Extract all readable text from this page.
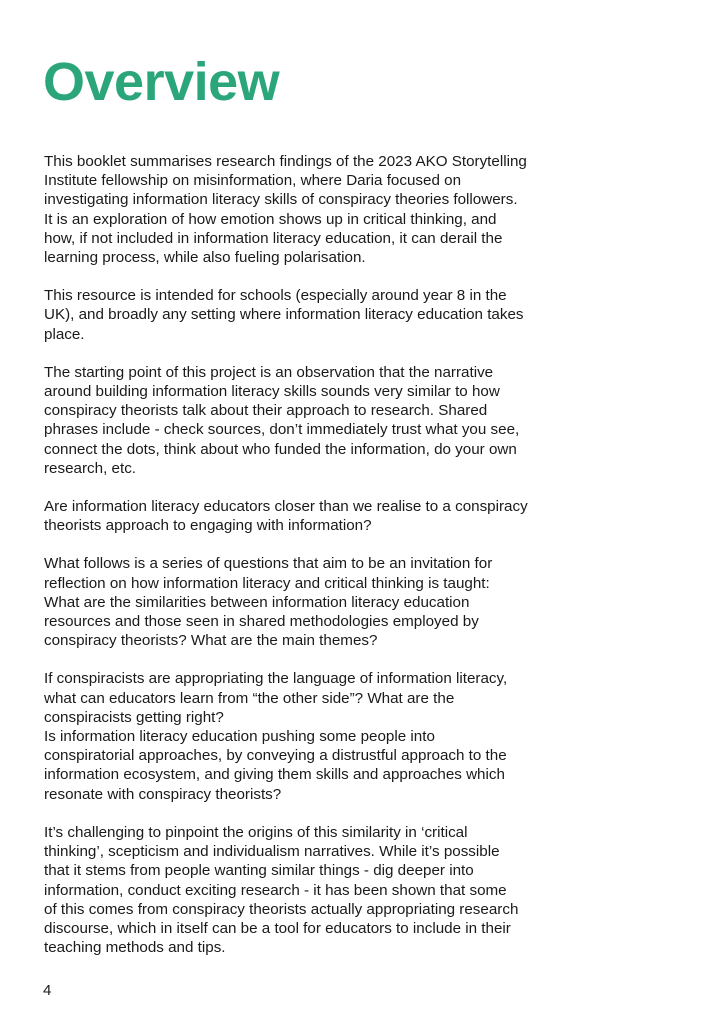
Overview

This booklet summarises research findings of the 2023 AKO Storytelling
Institute fellowship on misinformation, where Daria focused on
investigating information literacy skills of conspiracy theories followers.
It is an exploration of how emotion shows up in critical thinking, and
how, if not included in information literacy education, it can derail the
learning process, while also fueling polarisation.

This resource is intended for schools (especially around year 8 in the
UK), and broadly any setting where information literacy education takes
place.

The starting point of this project is an observation that the narrative
around building information literacy skills sounds very similar to how
conspiracy theorists talk about their approach to research. Shared
phrases include - check sources, don’t immediately trust what you see,
connect the dots, think about who funded the information, do your own
research, etc.

Are information literacy educators closer than we realise to a conspiracy
theorists approach to engaging with information?

What follows is a series of questions that aim to be an invitation for
reflection on how information literacy and critical thinking is taught:
What are the similarities between information literacy education
resources and those seen in shared methodologies employed by
conspiracy theorists? What are the main themes?

If conspiracists are appropriating the language of information literacy,
what can educators learn from “the other side”? What are the
conspiracists getting right?
Is information literacy education pushing some people into
conspiratorial approaches, by conveying a distrustful approach to the
information ecosystem, and giving them skills and approaches which
resonate with conspiracy theorists?

It’s challenging to pinpoint the origins of this similarity in ‘critical
thinking’, scepticism and individualism narratives. While it’s possible
that it stems from people wanting similar things - dig deeper into
information, conduct exciting research - it has been shown that some
of this comes from conspiracy theorists actually appropriating research
discourse, which in itself can be a tool for educators to include in their
teaching methods and tips.

4
